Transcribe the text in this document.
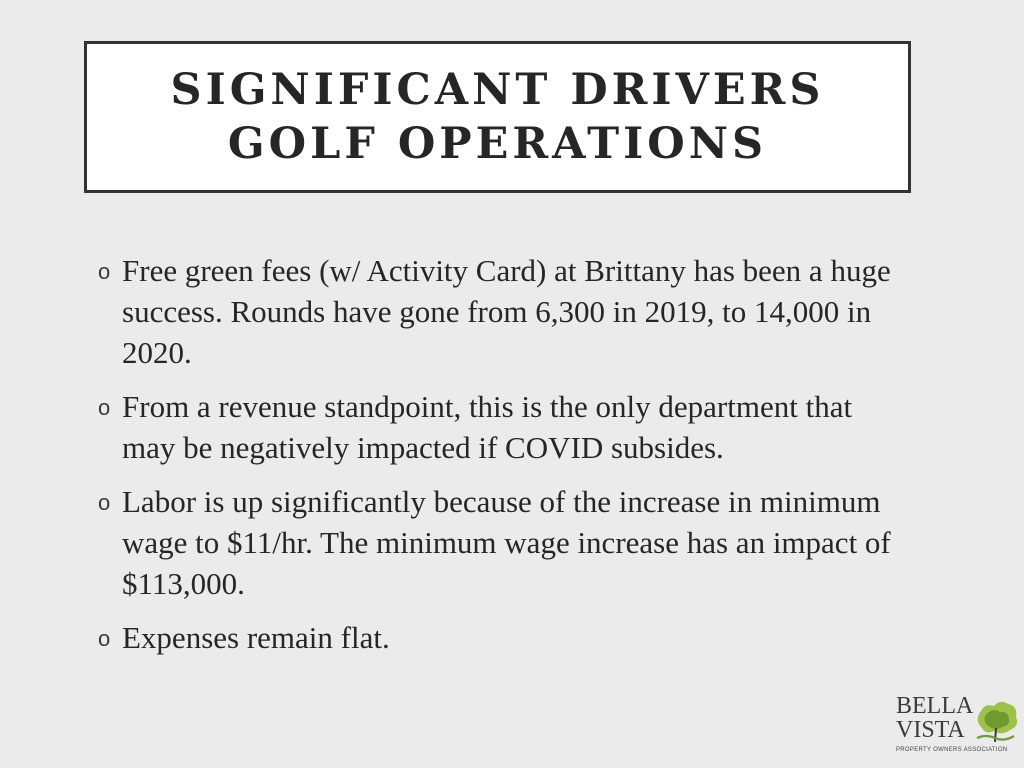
SIGNIFICANT DRIVERS
GOLF OPERATIONS
o Free green fees (w/ Activity Card) at Brittany has been a huge success. Rounds have gone from 6,300 in 2019, to 14,000 in 2020.
o From a revenue standpoint, this is the only department that may be negatively impacted if COVID subsides.
o Labor is up significantly because of the increase in minimum wage to $11/hr. The minimum wage increase has an impact of $113,000.
o Expenses remain flat.
BELLA
VISTA
PROPERTY OWNERS ASSOCIATION
